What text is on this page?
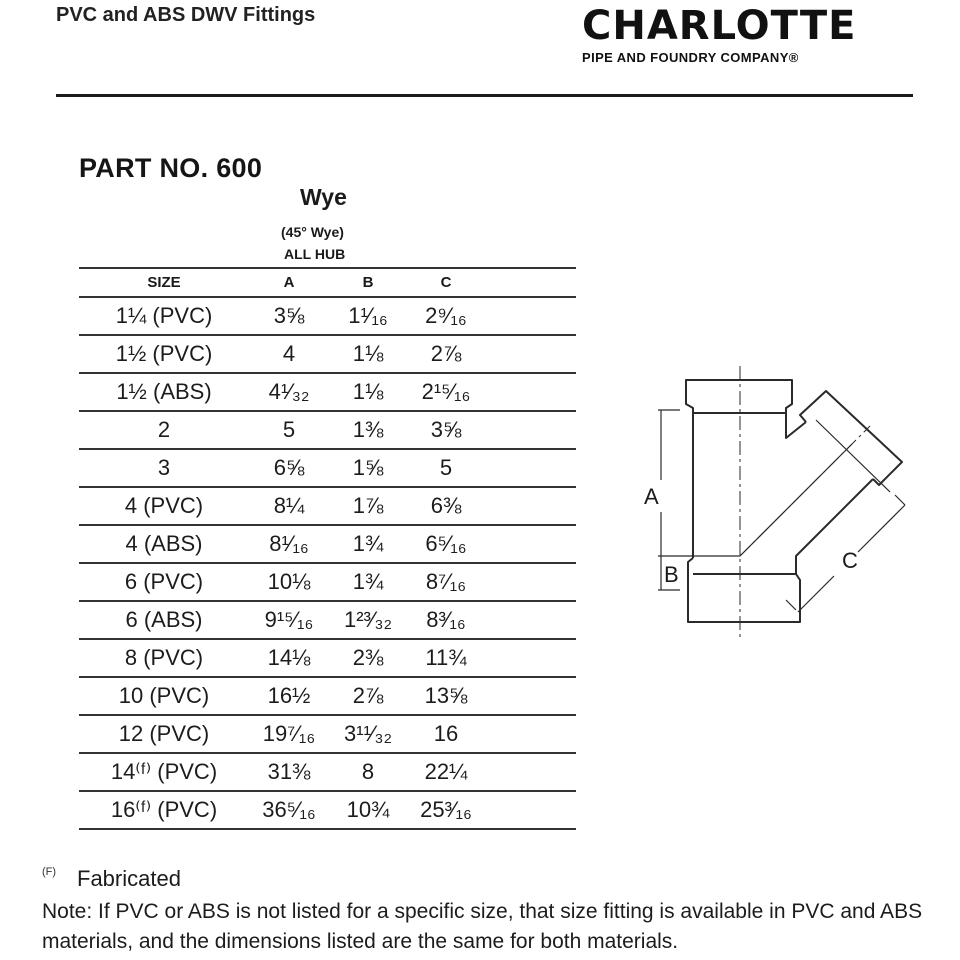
PVC and ABS DWV Fittings	CHARLOTTE
PIPE AND FOUNDRY COMPANY®
PART NO. 600
Wye
(45° Wye)
ALL HUB
SIZE	A	B	C	
1¼ (PVC)	3⅝	1¹⁄₁₆	2⁹⁄₁₆	
1½ (PVC)	4	1⅛	2⅞	
1½ (ABS)	4¹⁄₃₂	1⅛	2¹⁵⁄₁₆	
2	5	1⅜	3⅝	
3	6⅝	1⅝	5	
4 (PVC)	8¼	1⅞	6⅜	
4 (ABS)	8¹⁄₁₆	1¾	6⁵⁄₁₆	
6 (PVC)	10⅛	1¾	8⁷⁄₁₆	
6 (ABS)	9¹⁵⁄₁₆	1²³⁄₃₂	8³⁄₁₆	
8 (PVC)	14⅛	2⅜	11¾	
10 (PVC)	16½	2⅞	13⅝	
12 (PVC)	19⁷⁄₁₆	3¹¹⁄₃₂	16	
14⁽ᶠ⁾ (PVC)	31⅜	8	22¼	
16⁽ᶠ⁾ (PVC)	36⁵⁄₁₆	10¾	25³⁄₁₆	
A
B
C
(F) Fabricated
Note: If PVC or ABS is not listed for a specific size, that size fitting is available in PVC and ABS materials, and the dimensions listed are the same for both materials.
